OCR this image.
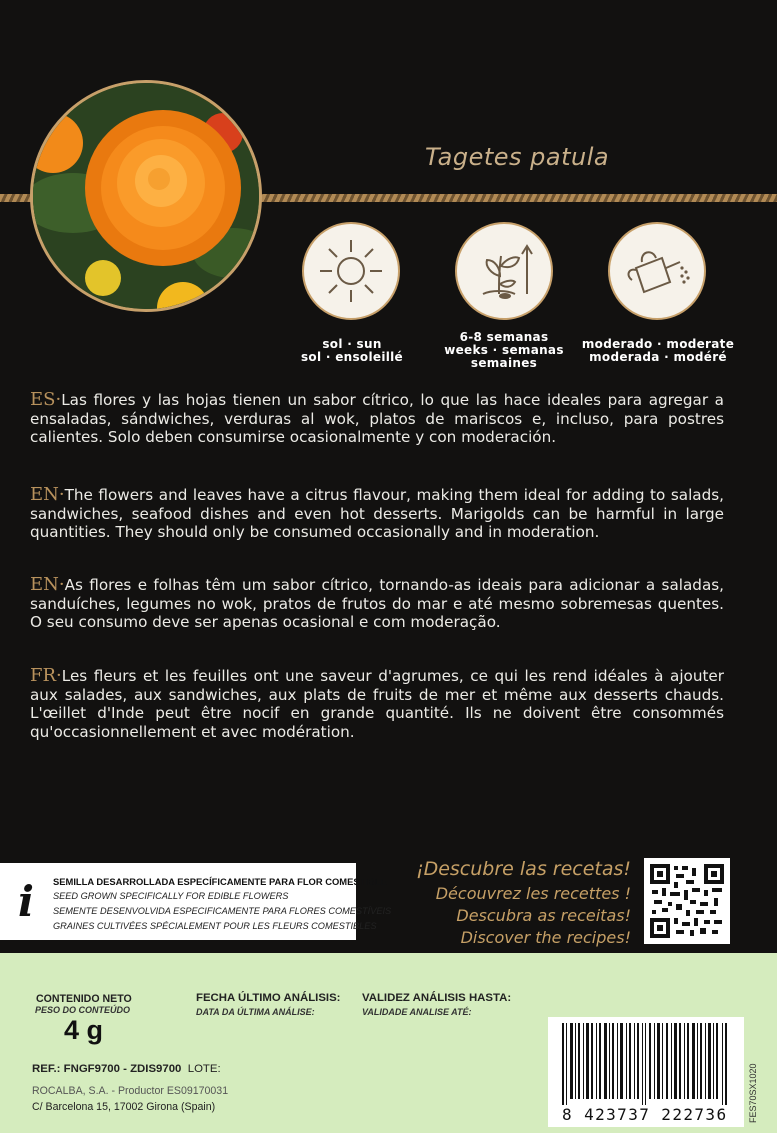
Tagetes patula
sol · sun
sol · ensoleillé
6-8 semanas
weeks · semanas
semaines
moderado · moderate
moderada · modéré
ES·Las flores y las hojas tienen un sabor cítrico, lo que las hace ideales para agregar a ensaladas, sándwiches, verduras al wok, platos de mariscos e, incluso, para postres calientes. Solo deben consumirse ocasionalmente y con moderación.
EN·The flowers and leaves have a citrus flavour, making them ideal for adding to salads, sandwiches, seafood dishes and even hot desserts. Marigolds can be harmful in large quantities. They should only be consumed occasionally and in moderation.
EN·As flores e folhas têm um sabor cítrico, tornando-as ideais para adicionar a saladas, sanduíches, legumes no wok, pratos de frutos do mar e até mesmo sobremesas quentes. O seu consumo deve ser apenas ocasional e com moderação.
FR·Les fleurs et les feuilles ont une saveur d'agrumes, ce qui les rend idéales à ajouter aux salades, aux sandwiches, aux plats de fruits de mer et même aux desserts chauds. L'œillet d'Inde peut être nocif en grande quantité. Ils ne doivent être consommés qu'occasionnellement et avec modération.
i SEMILLA DESARROLLADA ESPECÍFICAMENTE PARA FLOR COMESTIBLE
SEED GROWN SPECIFICALLY FOR EDIBLE FLOWERS
SEMENTE DESENVOLVIDA ESPECIFICAMENTE PARA FLORES COMESTÍVEIS
GRAINES CULTIVÉES SPÉCIALEMENT POUR LES FLEURS COMESTIBLES
¡Descubre las recetas!
Découvrez les recettes !
Descubra as receitas!
Discover the recipes!
CONTENIDO NETO
PESO DO CONTEÚDO
4 g
FECHA ÚLTIMO ANÁLISIS:
DATA DA ÚLTIMA ANÁLISE:
VALIDEZ ANÁLISIS HASTA:
VALIDADE ANALISE ATÉ:
REF.: FNGF9700 - ZDIS9700 LOTE:
ROCALBA, S.A. - Productor ES09170031
C/ Barcelona 15, 17002 Girona (Spain)	8 423737 222736	FES70SX1020
